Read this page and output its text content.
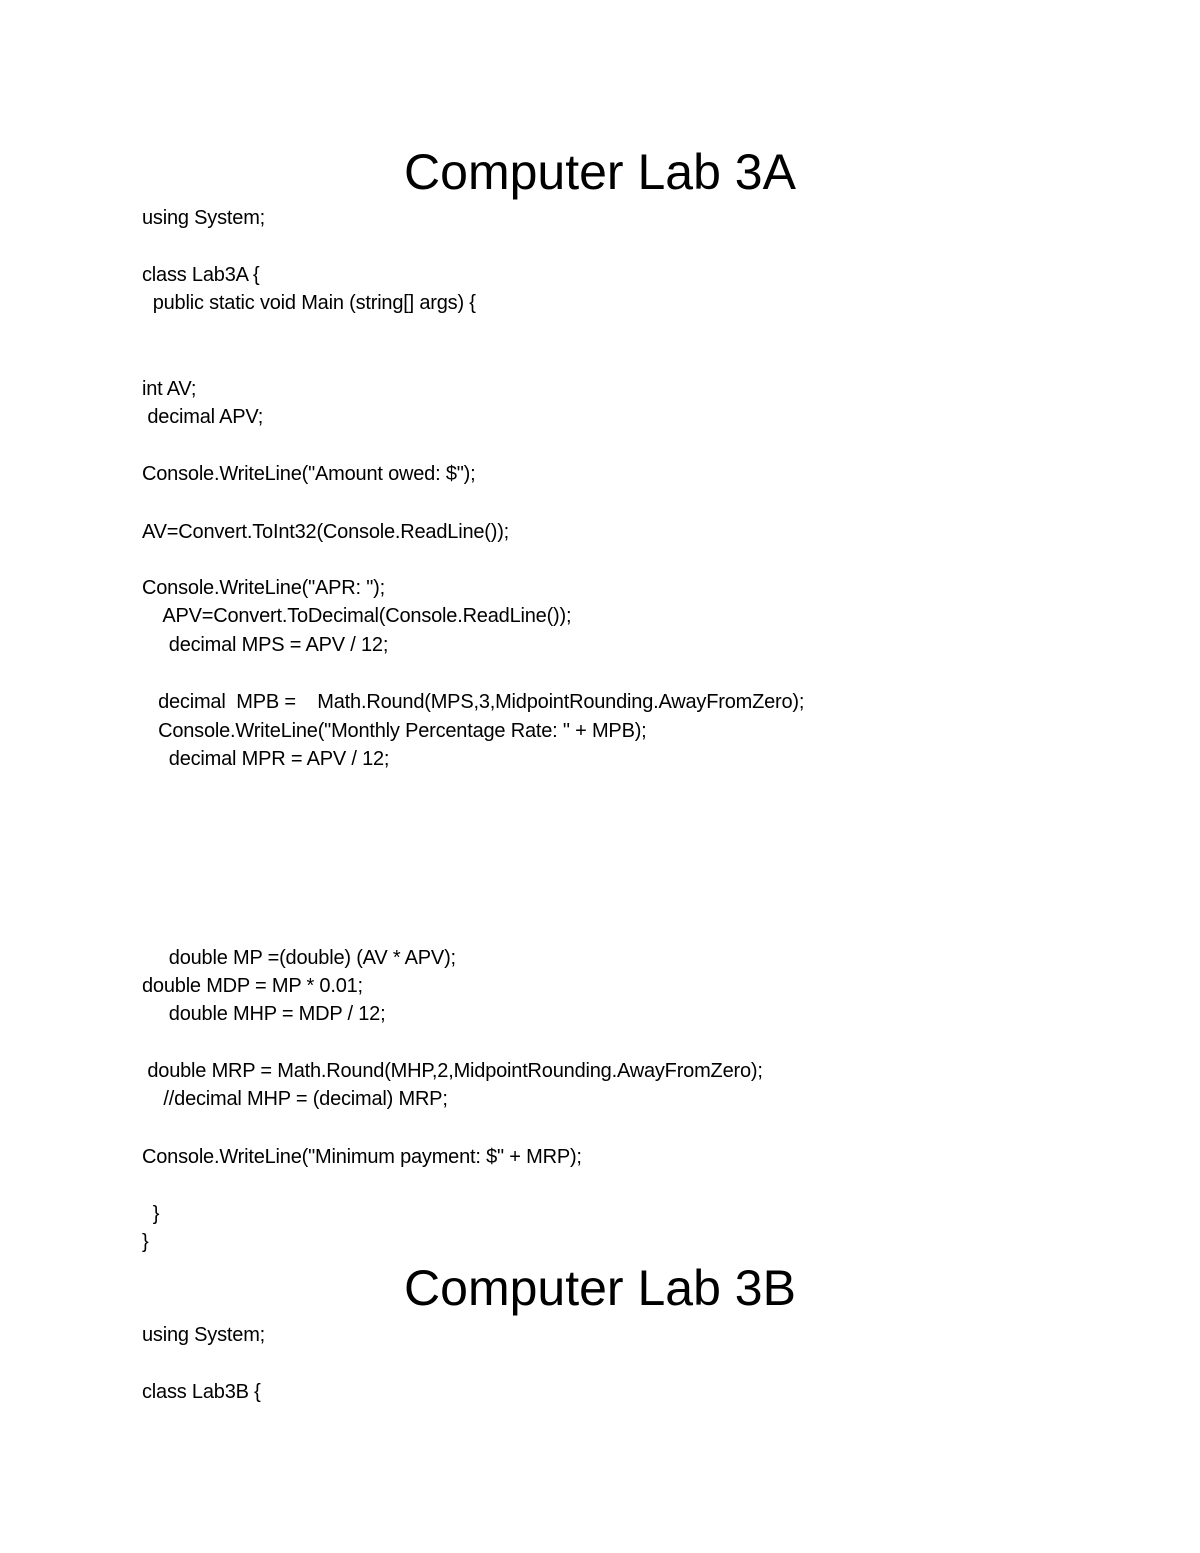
Computer Lab 3A
using System;
class Lab3A {
public static void Main (string[] args) {
int AV;
decimal APV;
Console.WriteLine("Amount owed: $");
AV=Convert.ToInt32(Console.ReadLine());
Console.WriteLine("APR: ");
APV=Convert.ToDecimal(Console.ReadLine());
decimal MPS = APV / 12;
decimal  MPB =    Math.Round(MPS,3,MidpointRounding.AwayFromZero);
Console.WriteLine("Monthly Percentage Rate: " + MPB);
decimal MPR = APV / 12;
double MP =(double) (AV * APV);
double MDP = MP * 0.01;
double MHP = MDP / 12;
double MRP = Math.Round(MHP,2,MidpointRounding.AwayFromZero);
//decimal MHP = (decimal) MRP;
Console.WriteLine("Minimum payment: $" + MRP);
}
}
Computer Lab 3B
using System;
class Lab3B {
